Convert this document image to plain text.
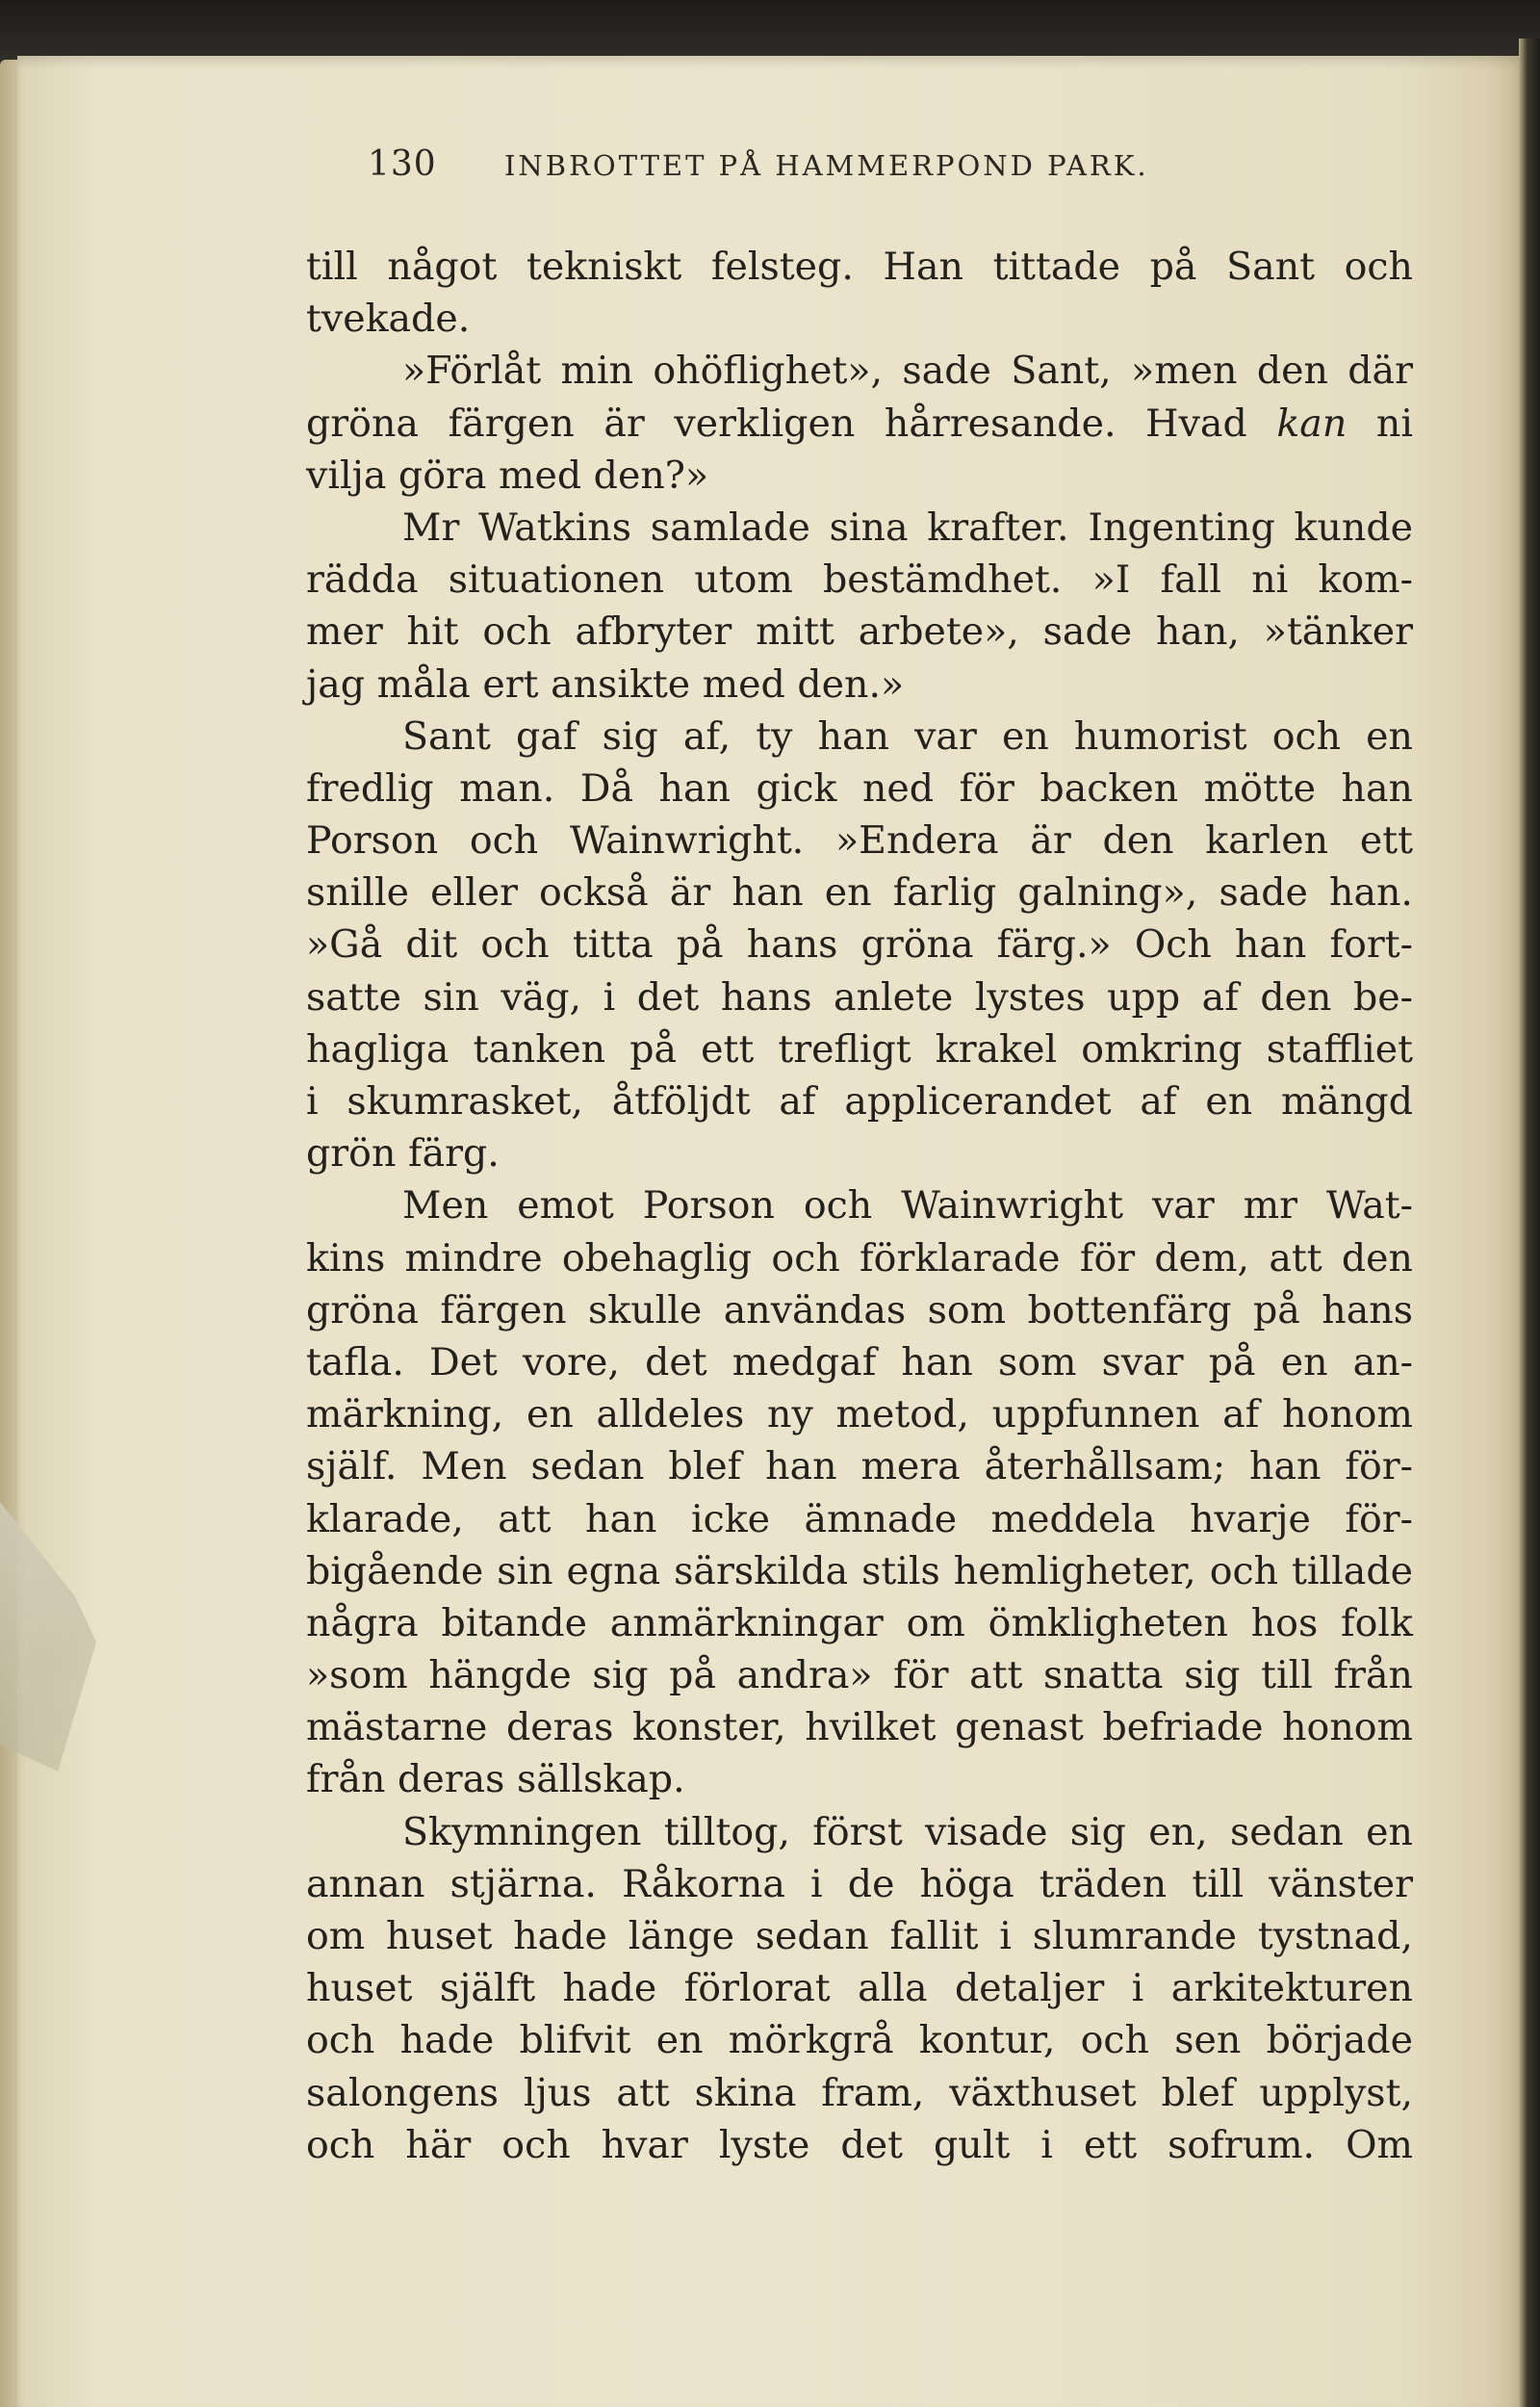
130 INBROTTET PÅ HAMMERPOND PARK.
till något tekniskt felsteg. Han tittade på Sant och
tvekade.
»Förlåt min ohöflighet», sade Sant, »men den där
gröna färgen är verkligen hårresande. Hvad kan ni
vilja göra med den?»
Mr Watkins samlade sina krafter. Ingenting kunde
rädda situationen utom bestämdhet. »I fall ni kom-
mer hit och afbryter mitt arbete», sade han, »tänker
jag måla ert ansikte med den.»
Sant gaf sig af, ty han var en humorist och en
fredlig man. Då han gick ned för backen mötte han
Porson och Wainwright. »Endera är den karlen ett
snille eller också är han en farlig galning», sade han.
»Gå dit och titta på hans gröna färg.» Och han fort-
satte sin väg, i det hans anlete lystes upp af den be-
hagliga tanken på ett trefligt krakel omkring staffliet
i skumrasket, åtföljdt af applicerandet af en mängd
grön färg.
Men emot Porson och Wainwright var mr Wat-
kins mindre obehaglig och förklarade för dem, att den
gröna färgen skulle användas som bottenfärg på hans
tafla. Det vore, det medgaf han som svar på en an-
märkning, en alldeles ny metod, uppfunnen af honom
själf. Men sedan blef han mera återhållsam; han för-
klarade, att han icke ämnade meddela hvarje för-
bigående sin egna särskilda stils hemligheter, och tillade
några bitande anmärkningar om ömkligheten hos folk
»som hängde sig på andra» för att snatta sig till från
mästarne deras konster, hvilket genast befriade honom
från deras sällskap.
Skymningen tilltog, först visade sig en, sedan en
annan stjärna. Råkorna i de höga träden till vänster
om huset hade länge sedan fallit i slumrande tystnad,
huset själft hade förlorat alla detaljer i arkitekturen
och hade blifvit en mörkgrå kontur, och sen började
salongens ljus att skina fram, växthuset blef upplyst,
och här och hvar lyste det gult i ett sofrum. Om
